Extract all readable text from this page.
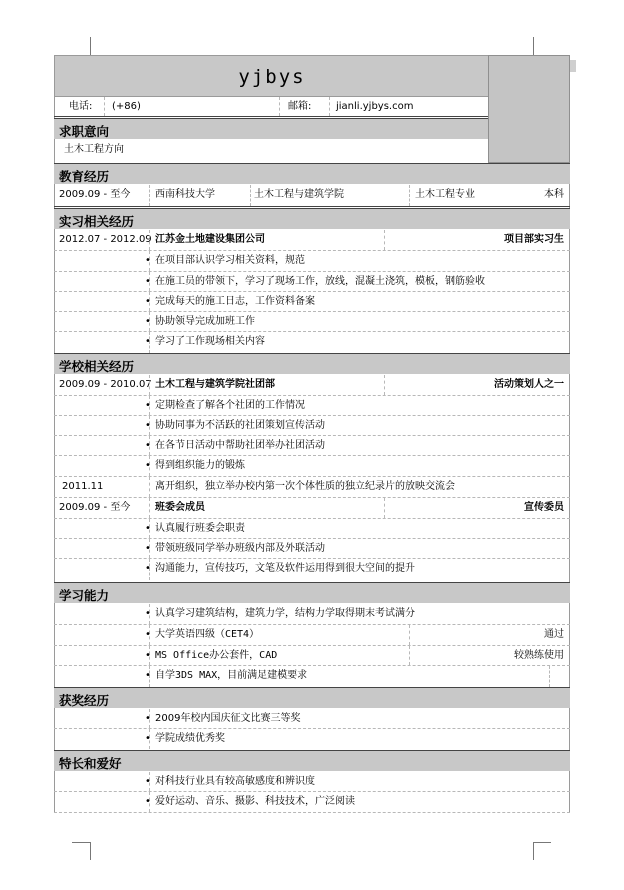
yjbys
电话: (+86)	邮箱: jianli.yjbys.com
求职意向
土木工程方向
教育经历
2009.09 - 至今 西南科技大学	土木工程与建筑学院	土木工程专业	本科
实习相关经历
2012.07 - 2012.09 江苏金土地建设集团公司	项目部实习生
• 在项目部认识学习相关资料，规范
• 在施工员的带领下，学习了现场工作，放线，混凝土浇筑，模板，钢筋验收
• 完成每天的施工日志，工作资料备案
• 协助领导完成加班工作
• 学习了工作现场相关内容
学校相关经历
2009.09 - 2010.07 土木工程与建筑学院社团部	活动策划人之一
• 定期检查了解各个社团的工作情况
• 协助同事为不活跃的社团策划宣传活动
• 在各节日活动中帮助社团举办社团活动
• 得到组织能力的锻炼
2011.11	离开组织，独立举办校内第一次个体性质的独立纪录片的放映交流会
2009.09 - 至今 班委会成员	宣传委员
• 认真履行班委会职责
• 带领班级同学举办班级内部及外联活动
• 沟通能力，宣传技巧，文笔及软件运用得到很大空间的提升
学习能力
• 认真学习建筑结构，建筑力学，结构力学取得期末考试满分
• 大学英语四级（CET4）	通过
• MS Office办公套件，CAD	较熟练使用
• 自学3DS MAX，目前满足建模要求
获奖经历
• 2009年校内国庆征文比赛三等奖
• 学院成绩优秀奖
特长和爱好
• 对科技行业具有较高敏感度和辨识度
• 爱好运动、音乐、摄影、科技技术，广泛阅读
